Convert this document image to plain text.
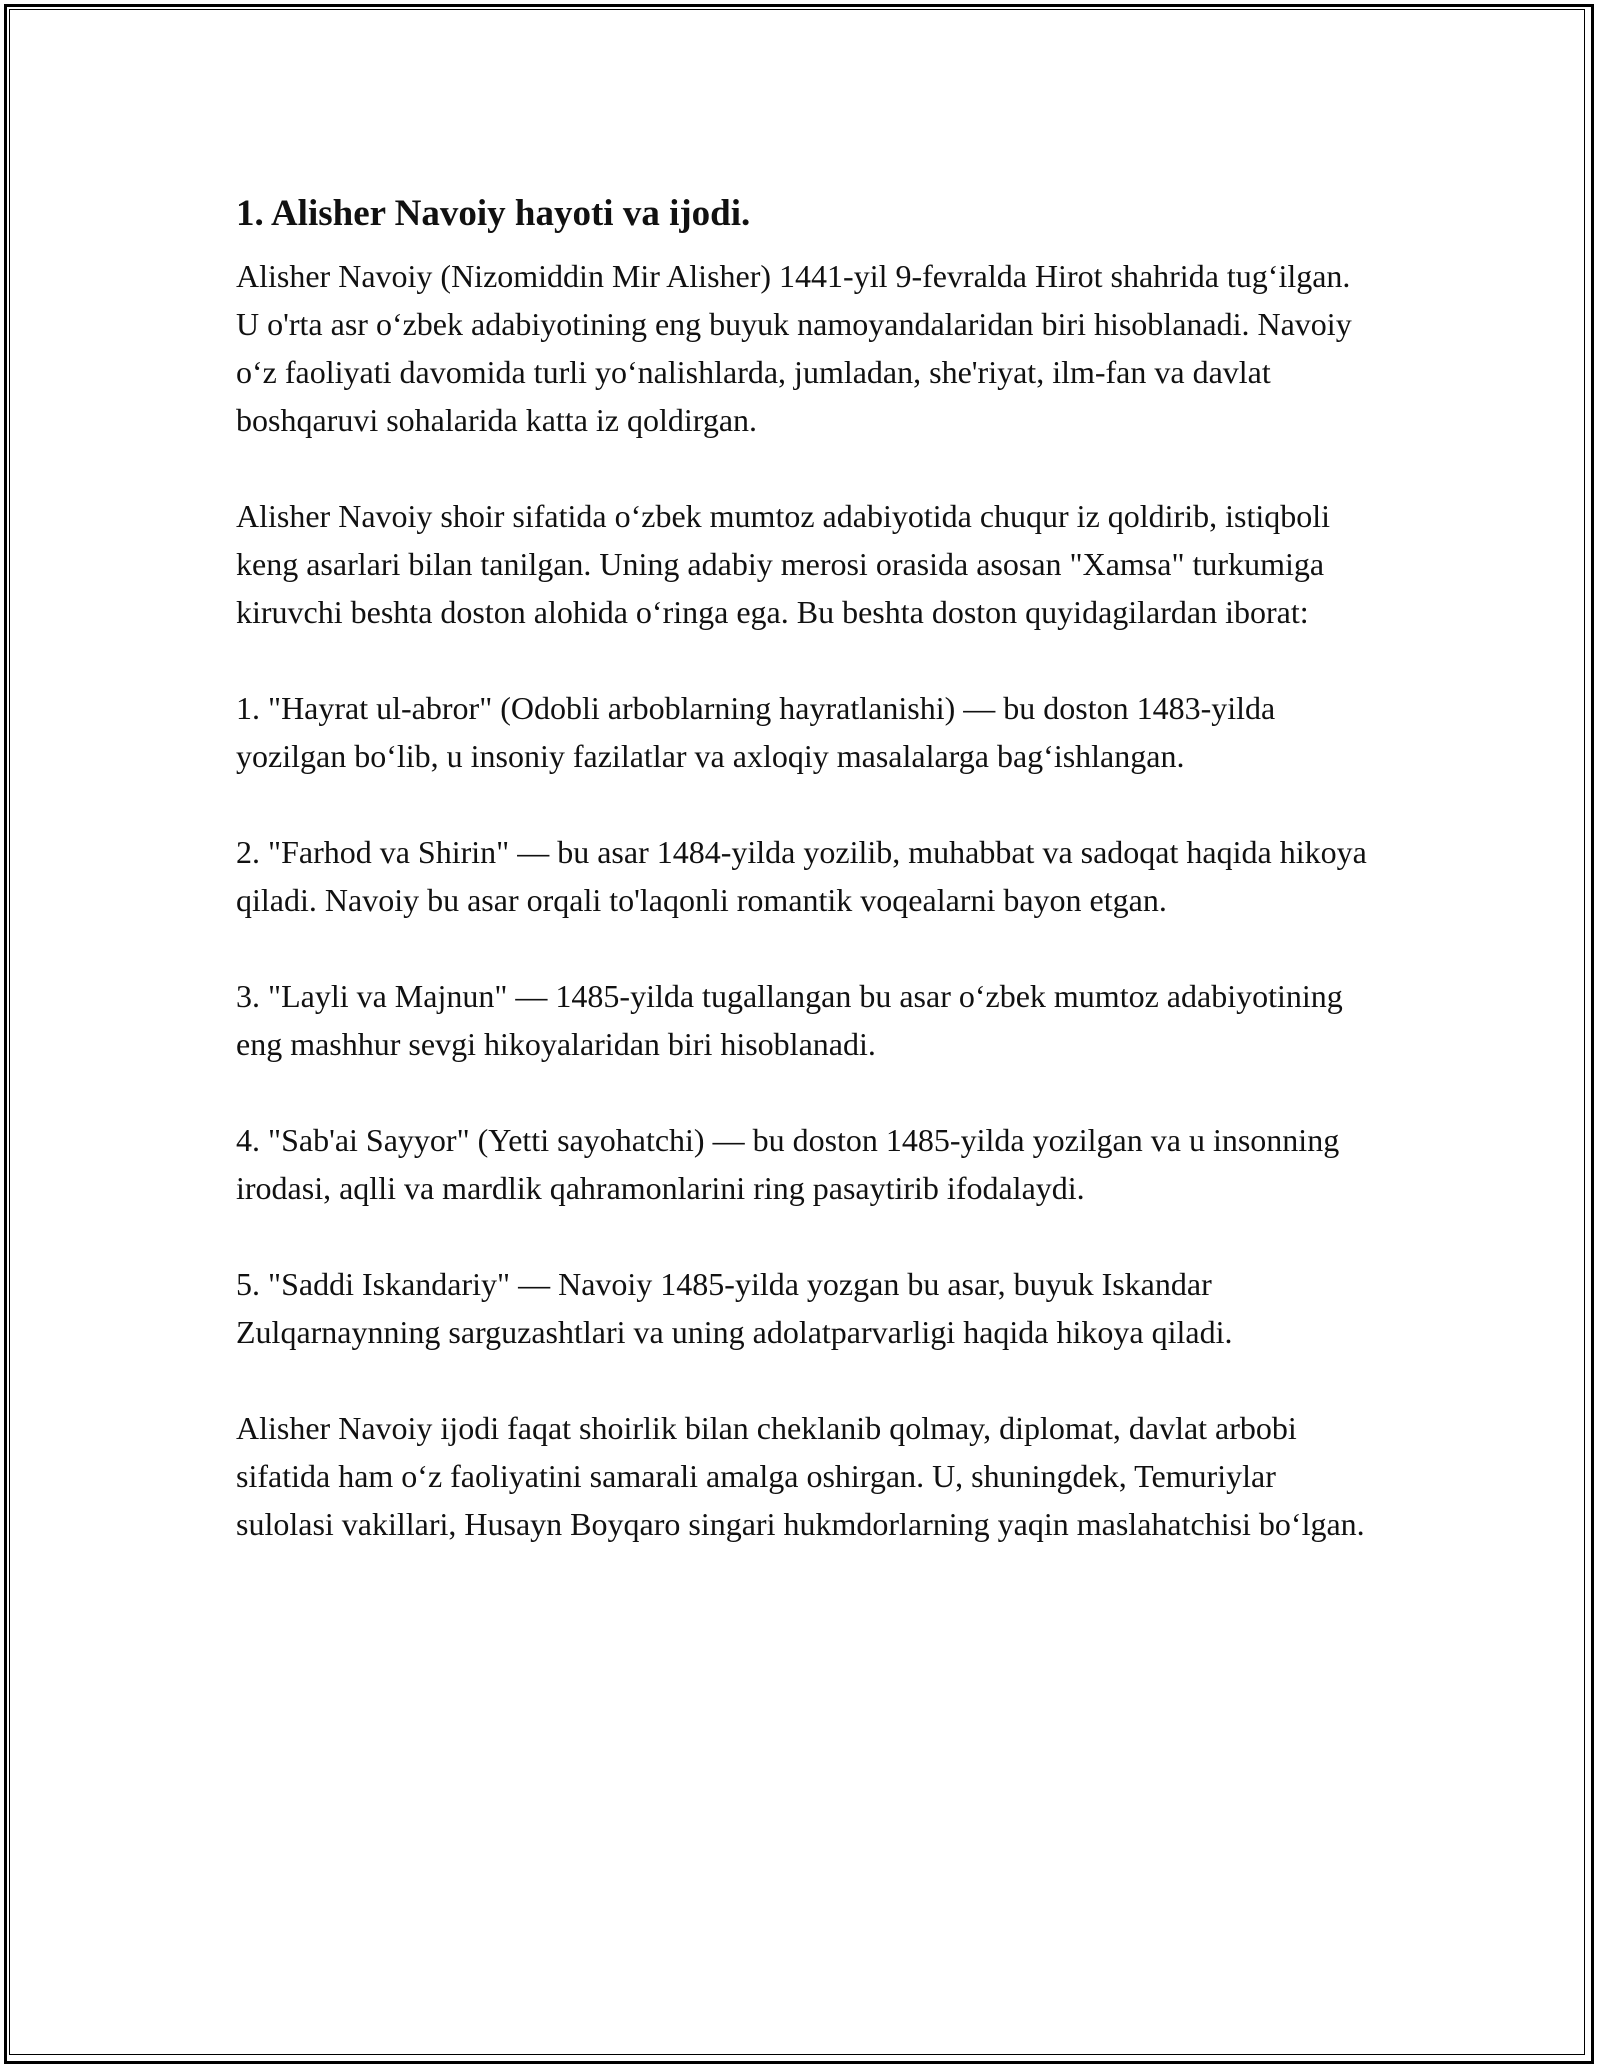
1. Alisher Navoiy hayoti va ijodi.

Alisher Navoiy (Nizomiddin Mir Alisher) 1441-yil 9-fevralda Hirot shahrida tug‘ilgan. U o'rta asr o‘zbek adabiyotining eng buyuk namoyandalaridan biri hisoblanadi. Navoiy o‘z faoliyati davomida turli yo‘nalishlarda, jumladan, she'riyat, ilm-fan va davlat boshqaruvi sohalarida katta iz qoldirgan.

Alisher Navoiy shoir sifatida o‘zbek mumtoz adabiyotida chuqur iz qoldirib, istiqboli keng asarlari bilan tanilgan. Uning adabiy merosi orasida asosan "Xamsa" turkumiga kiruvchi beshta doston alohida o‘ringa ega. Bu beshta doston quyidagilardan iborat:

1. "Hayrat ul-abror" (Odobli arboblarning hayratlanishi) — bu doston 1483-yilda yozilgan bo‘lib, u insoniy fazilatlar va axloqiy masalalarga bag‘ishlangan.

2. "Farhod va Shirin" — bu asar 1484-yilda yozilib, muhabbat va sadoqat haqida hikoya qiladi. Navoiy bu asar orqali to'laqonli romantik voqealarni bayon etgan.

3. "Layli va Majnun" — 1485-yilda tugallangan bu asar o‘zbek mumtoz adabiyotining eng mashhur sevgi hikoyalaridan biri hisoblanadi.

4. "Sab'ai Sayyor" (Yetti sayohatchi) — bu doston 1485-yilda yozilgan va u insonning irodasi, aqlli va mardlik qahramonlarini ring pasaytirib ifodalaydi.

5. "Saddi Iskandariy" — Navoiy 1485-yilda yozgan bu asar, buyuk Iskandar Zulqarnaynning sarguzashtlari va uning adolatparvarligi haqida hikoya qiladi.

Alisher Navoiy ijodi faqat shoirlik bilan cheklanib qolmay, diplomat, davlat arbobi sifatida ham o‘z faoliyatini samarali amalga oshirgan. U, shuningdek, Temuriylar sulolasi vakillari, Husayn Boyqaro singari hukmdorlarning yaqin maslahatchisi bo‘lgan.
